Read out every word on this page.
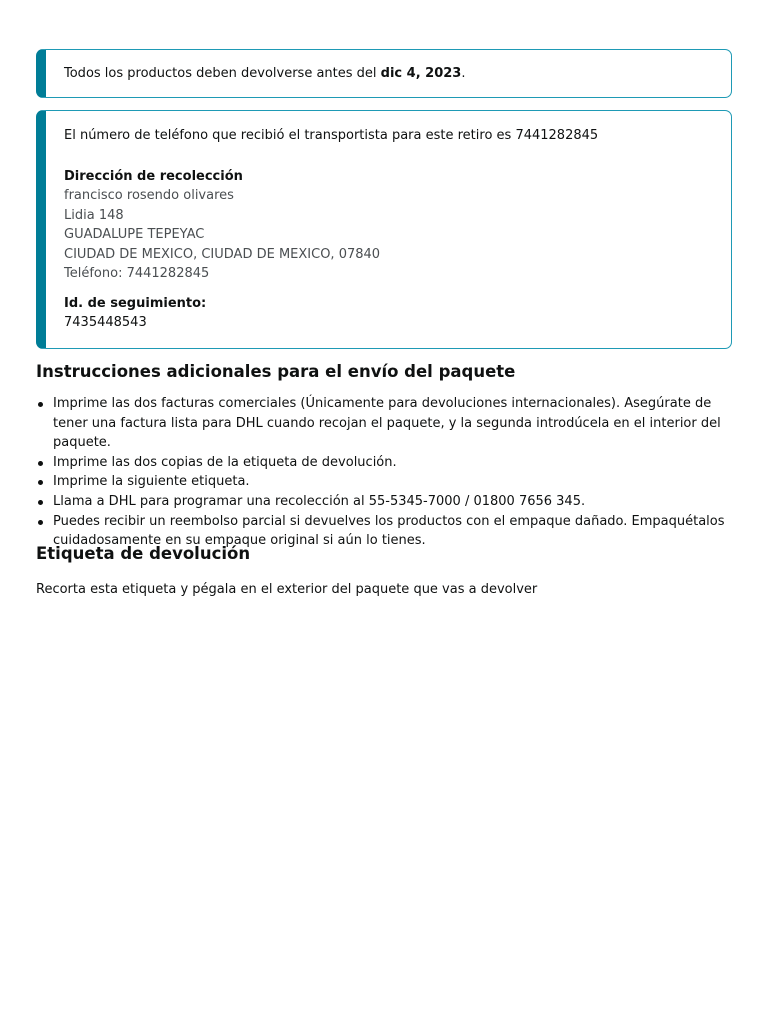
Todos los productos deben devolverse antes del dic 4, 2023.

El número de teléfono que recibió el transportista para este retiro es 7441282845

Dirección de recolección

francisco rosendo olivares

Lidia 148

GUADALUPE TEPEYAC

CIUDAD DE MEXICO, CIUDAD DE MEXICO, 07840

Teléfono: 7441282845

Id. de seguimiento:

7435448543

Instrucciones adicionales para el envío del paquete
Imprime las dos facturas comerciales (Únicamente para devoluciones internacionales). Asegúrate de tener una factura lista para DHL cuando recojan el paquete, y la segunda introdúcela en el interior del paquete.
Imprime las dos copias de la etiqueta de devolución.
Imprime la siguiente etiqueta.
Llama a DHL para programar una recolección al 55-5345-7000 / 01800 7656 345.
Puedes recibir un reembolso parcial si devuelves los productos con el empaque dañado. Empaquétalos cuidadosamente en su empaque original si aún lo tienes.
Etiqueta de devolución

Recorta esta etiqueta y pégala en el exterior del paquete que vas a devolver
